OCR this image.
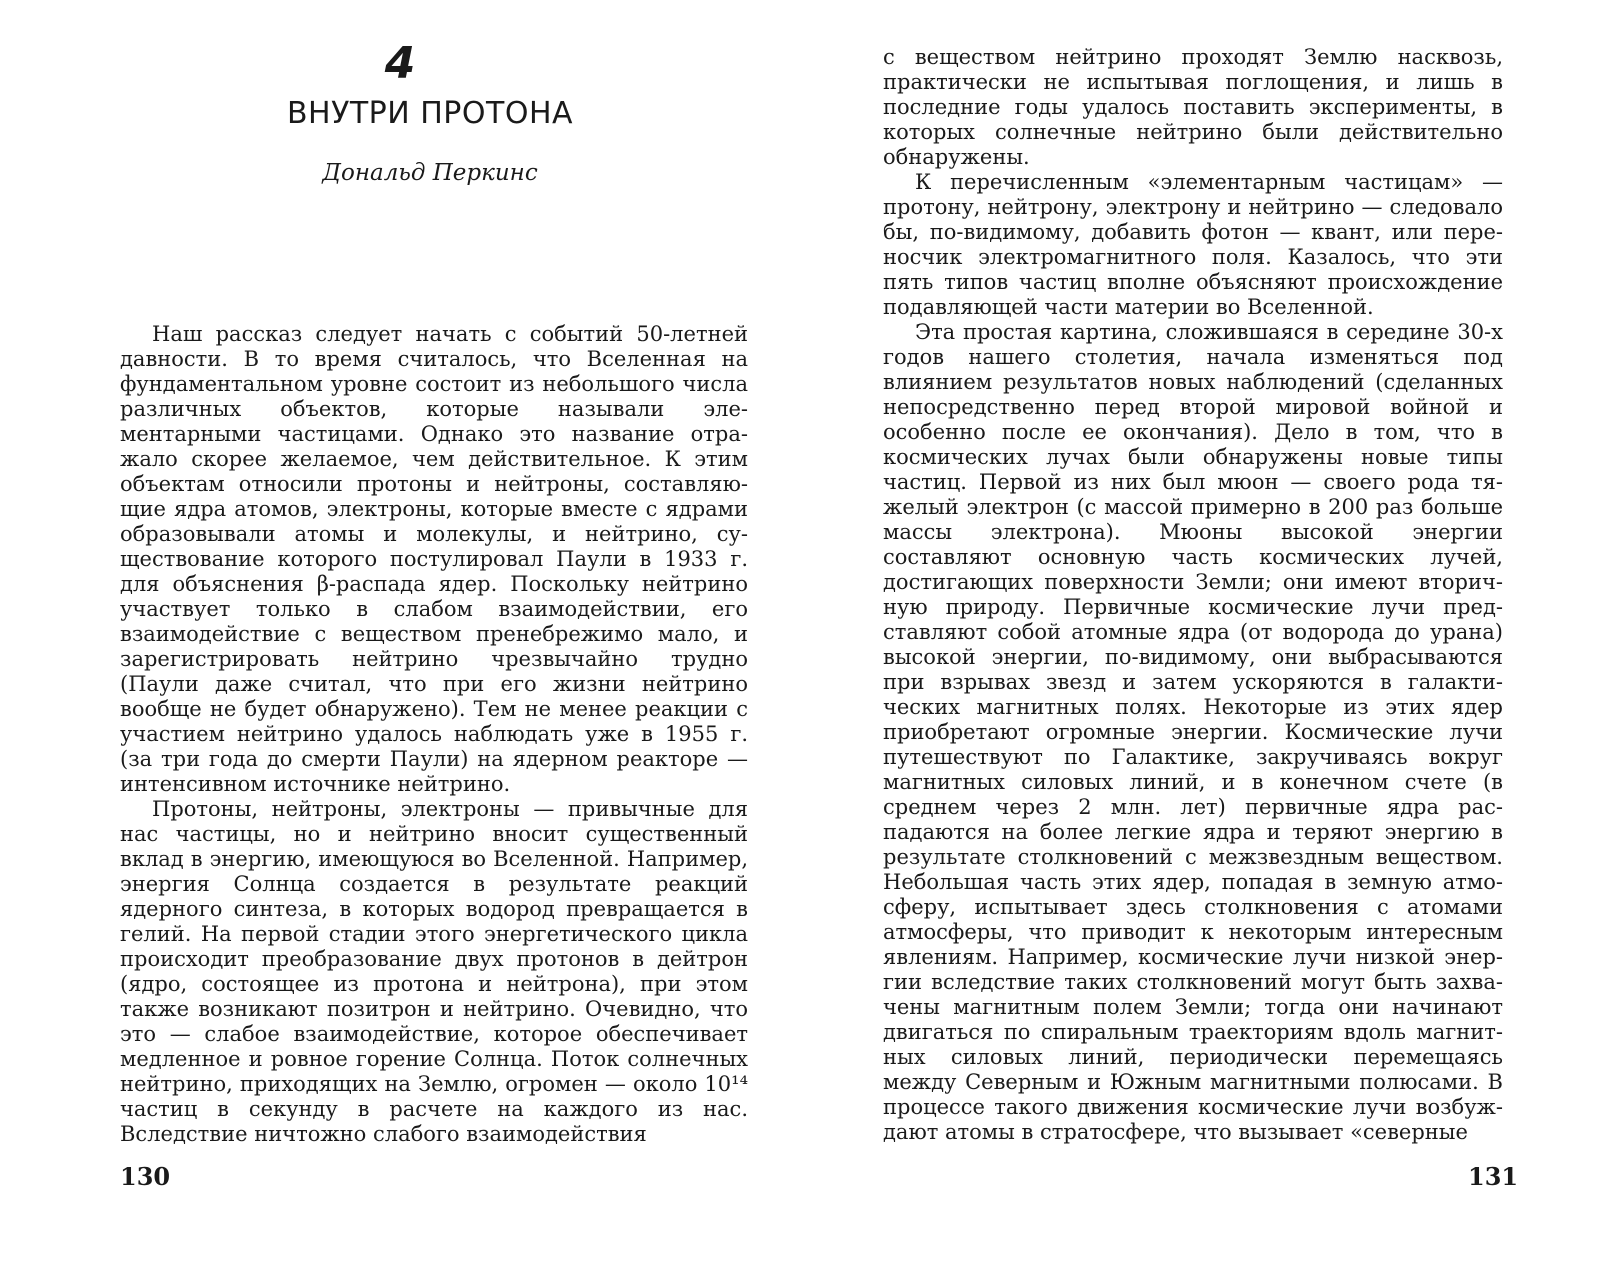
4
ВНУТРИ ПРОТОНА
Дональд Перкинс

Наш рассказ следует начать с событий 50-летней давности. В то время считалось, что Вселенная на фундаментальном уровне состоит из небольшого числа различных объектов, которые называли элементарными частицами. Однако это название отражало скорее желаемое, чем действительное. К этим объектам относили протоны и нейтроны, составляющие ядра атомов, электроны, которые вместе с ядрами образовывали атомы и молекулы, и нейтрино, существование которого постулировал Паули в 1933 г. для объяснения β-распада ядер. Поскольку нейтрино участвует только в слабом взаимодействии, его взаимодействие с веществом пренебрежимо мало, и зарегистрировать нейтрино чрезвычайно трудно (Паули даже считал, что при его жизни нейтрино вообще не будет обнаружено). Тем не менее реакции с участием нейтрино удалось наблюдать уже в 1955 г. (за три года до смерти Паули) на ядерном реакторе — интенсивном источнике нейтрино.

Протоны, нейтроны, электроны — привычные для нас частицы, но и нейтрино вносит существенный вклад в энергию, имеющуюся во Вселенной. Например, энергия Солнца создается в результате реакций ядерного синтеза, в которых водород превращается в гелий. На первой стадии этого энергетического цикла происходит преобразование двух протонов в дейтрон (ядро, состоящее из протона и нейтрона), при этом также возникают позитрон и нейтрино. Очевидно, что это — слабое взаимодействие, которое обеспечивает медленное и ровное горение Солнца. Поток солнечных нейтрино, приходящих на Землю, огромен — около 10¹⁴ частиц в секунду в расчете на каждого из нас. Вследствие ничтожно слабого взаимодействия

130

с веществом нейтрино проходят Землю насквозь, практически не испытывая поглощения, и лишь в последние годы удалось поставить эксперименты, в которых солнечные нейтрино были действительно обнаружены.

К перечисленным «элементарным частицам» — протону, нейтрону, электрону и нейтрино — следовало бы, по-видимому, добавить фотон — квант, или переносчик электромагнитного поля. Казалось, что эти пять типов частиц вполне объясняют происхождение подавляющей части материи во Вселенной.

Эта простая картина, сложившаяся в середине 30-х годов нашего столетия, начала изменяться под влиянием результатов новых наблюдений (сделанных непосредственно перед второй мировой войной и особенно после ее окончания). Дело в том, что в космических лучах были обнаружены новые типы частиц. Первой из них был мюон — своего рода тяжелый электрон (с массой примерно в 200 раз больше массы электрона). Мюоны высокой энергии составляют основную часть космических лучей, достигающих поверхности Земли; они имеют вторичную природу. Первичные космические лучи представляют собой атомные ядра (от водорода до урана) высокой энергии, по-видимому, они выбрасываются при взрывах звезд и затем ускоряются в галактических магнитных полях. Некоторые из этих ядер приобретают огромные энергии. Космические лучи путешествуют по Галактике, закручиваясь вокруг магнитных силовых линий, и в конечном счете (в среднем через 2 млн. лет) первичные ядра распадаются на более легкие ядра и теряют энергию в результате столкновений с межзвездным веществом. Небольшая часть этих ядер, попадая в земную атмосферу, испытывает здесь столкновения с атомами атмосферы, что приводит к некоторым интересным явлениям. Например, космические лучи низкой энергии вследствие таких столкновений могут быть захвачены магнитным полем Земли; тогда они начинают двигаться по спиральным траекториям вдоль магнитных силовых линий, периодически перемещаясь между Северным и Южным магнитными полюсами. В процессе такого движения космические лучи возбуждают атомы в стратосфере, что вызывает «северные

131
